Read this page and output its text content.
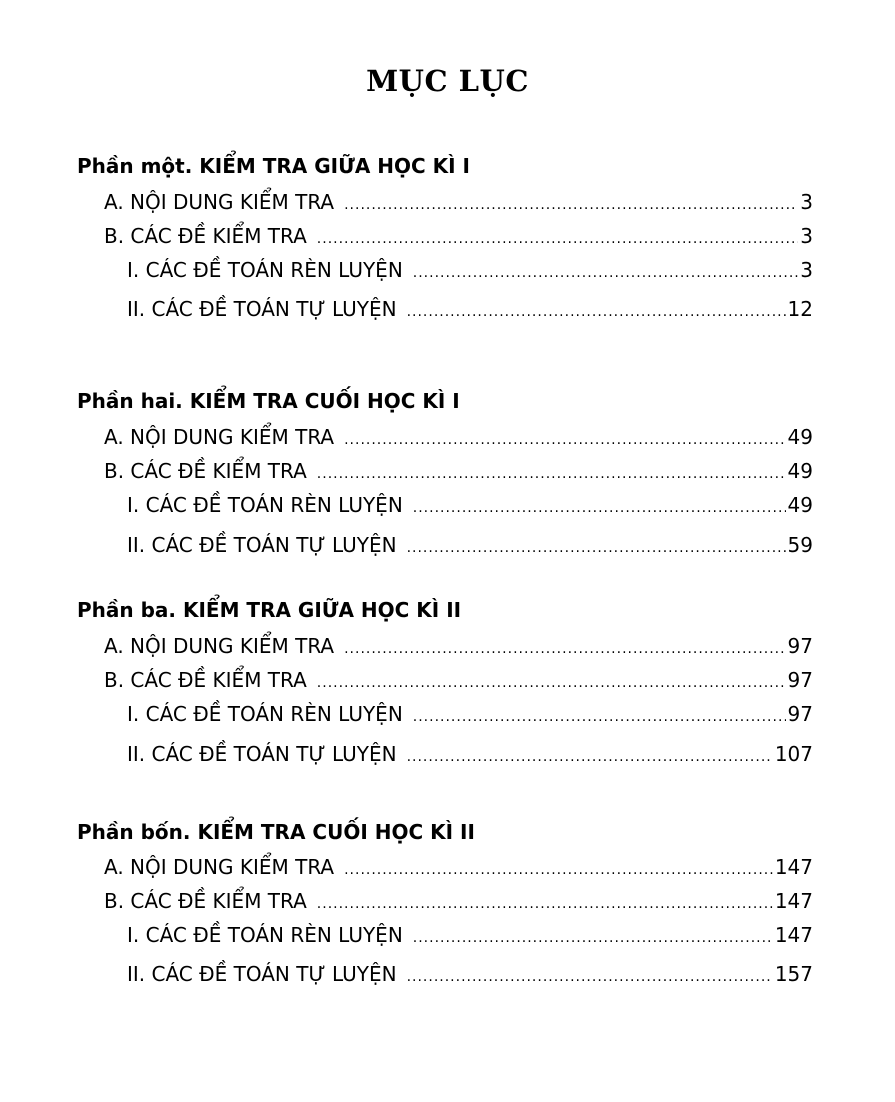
MỤC LỤC
Phần một. KIỂM TRA GIỮA HỌC KÌ I
A. NỘI DUNG KIỂM TRA .....	3
B. CÁC ĐỀ KIỂM TRA .....	3
I. CÁC ĐỀ TOÁN RÈN LUYỆN .....	3
II. CÁC ĐỀ TOÁN TỰ LUYỆN .....	12
Phần hai. KIỂM TRA CUỐI HỌC KÌ I
A. NỘI DUNG KIỂM TRA .....	49
B. CÁC ĐỀ KIỂM TRA .....	49
I. CÁC ĐỀ TOÁN RÈN LUYỆN .....	49
II. CÁC ĐỀ TOÁN TỰ LUYỆN .....	59
Phần ba. KIỂM TRA GIỮA HỌC KÌ II
A. NỘI DUNG KIỂM TRA .....	97
B. CÁC ĐỀ KIỂM TRA .....	97
I. CÁC ĐỀ TOÁN RÈN LUYỆN .....	97
II. CÁC ĐỀ TOÁN TỰ LUYỆN .....	107
Phần bốn. KIỂM TRA CUỐI HỌC KÌ II
A. NỘI DUNG KIỂM TRA .....	147
B. CÁC ĐỀ KIỂM TRA .....	147
I. CÁC ĐỀ TOÁN RÈN LUYỆN .....	147
II. CÁC ĐỀ TOÁN TỰ LUYỆN .....	157
